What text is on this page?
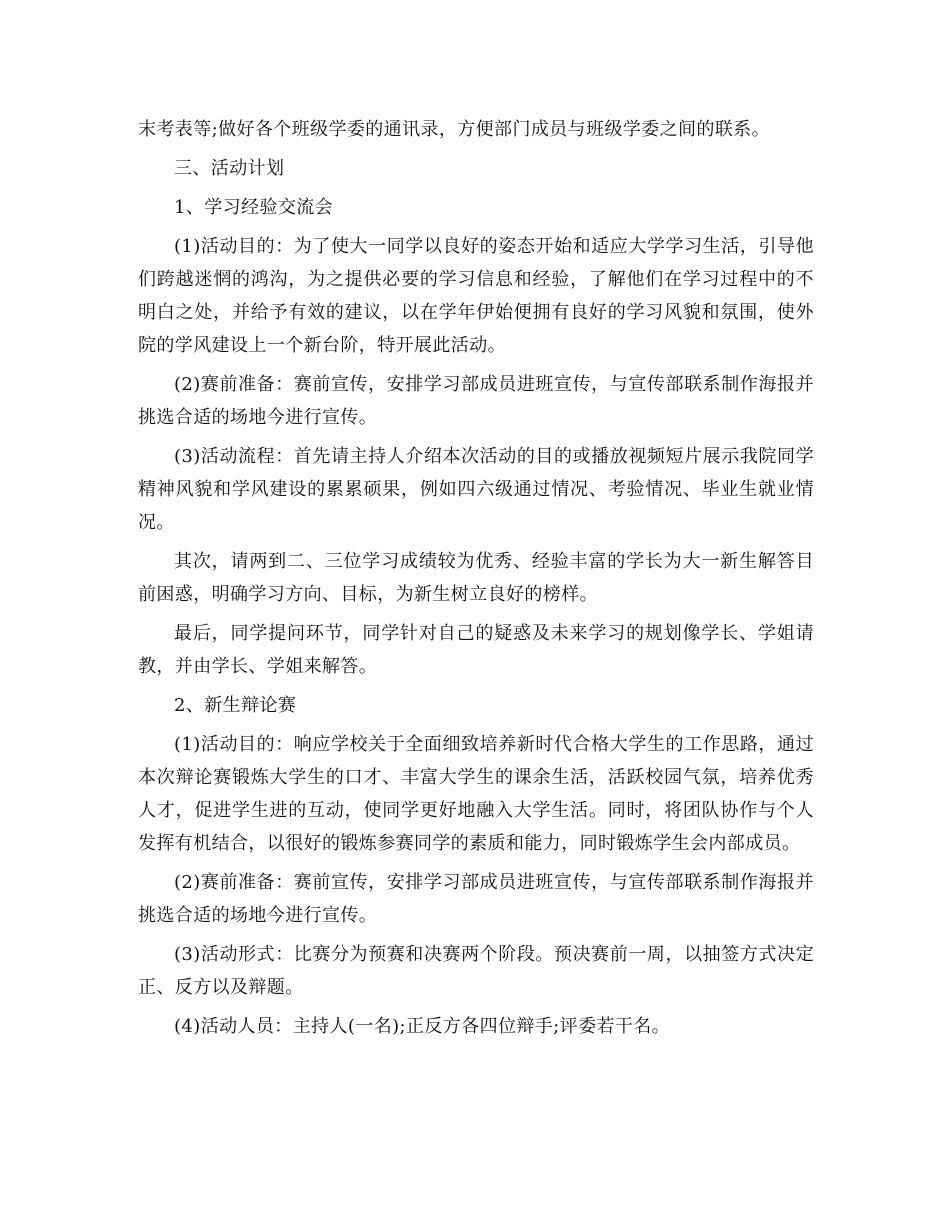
末考表等;做好各个班级学委的通讯录，方便部门成员与班级学委之间的联系。

三、活动计划

1、学习经验交流会

(1)活动目的：为了使大一同学以良好的姿态开始和适应大学学习生活，引导他们跨越迷惘的鸿沟，为之提供必要的学习信息和经验，了解他们在学习过程中的不明白之处，并给予有效的建议，以在学年伊始便拥有良好的学习风貌和氛围，使外院的学风建设上一个新台阶，特开展此活动。

(2)赛前准备：赛前宣传，安排学习部成员进班宣传，与宣传部联系制作海报并挑选合适的场地今进行宣传。

(3)活动流程：首先请主持人介绍本次活动的目的或播放视频短片展示我院同学精神风貌和学风建设的累累硕果，例如四六级通过情况、考验情况、毕业生就业情况。

其次，请两到二、三位学习成绩较为优秀、经验丰富的学长为大一新生解答目前困惑，明确学习方向、目标，为新生树立良好的榜样。

最后，同学提问环节，同学针对自己的疑惑及未来学习的规划像学长、学姐请教，并由学长、学姐来解答。

2、新生辩论赛

(1)活动目的：响应学校关于全面细致培养新时代合格大学生的工作思路，通过本次辩论赛锻炼大学生的口才、丰富大学生的课余生活，活跃校园气氛，培养优秀人才，促进学生进的互动，使同学更好地融入大学生活。同时，将团队协作与个人发挥有机结合，以很好的锻炼参赛同学的素质和能力，同时锻炼学生会内部成员。

(2)赛前准备：赛前宣传，安排学习部成员进班宣传，与宣传部联系制作海报并挑选合适的场地今进行宣传。

(3)活动形式：比赛分为预赛和决赛两个阶段。预决赛前一周，以抽签方式决定正、反方以及辩题。

(4)活动人员：主持人(一名);正反方各四位辩手;评委若干名。
